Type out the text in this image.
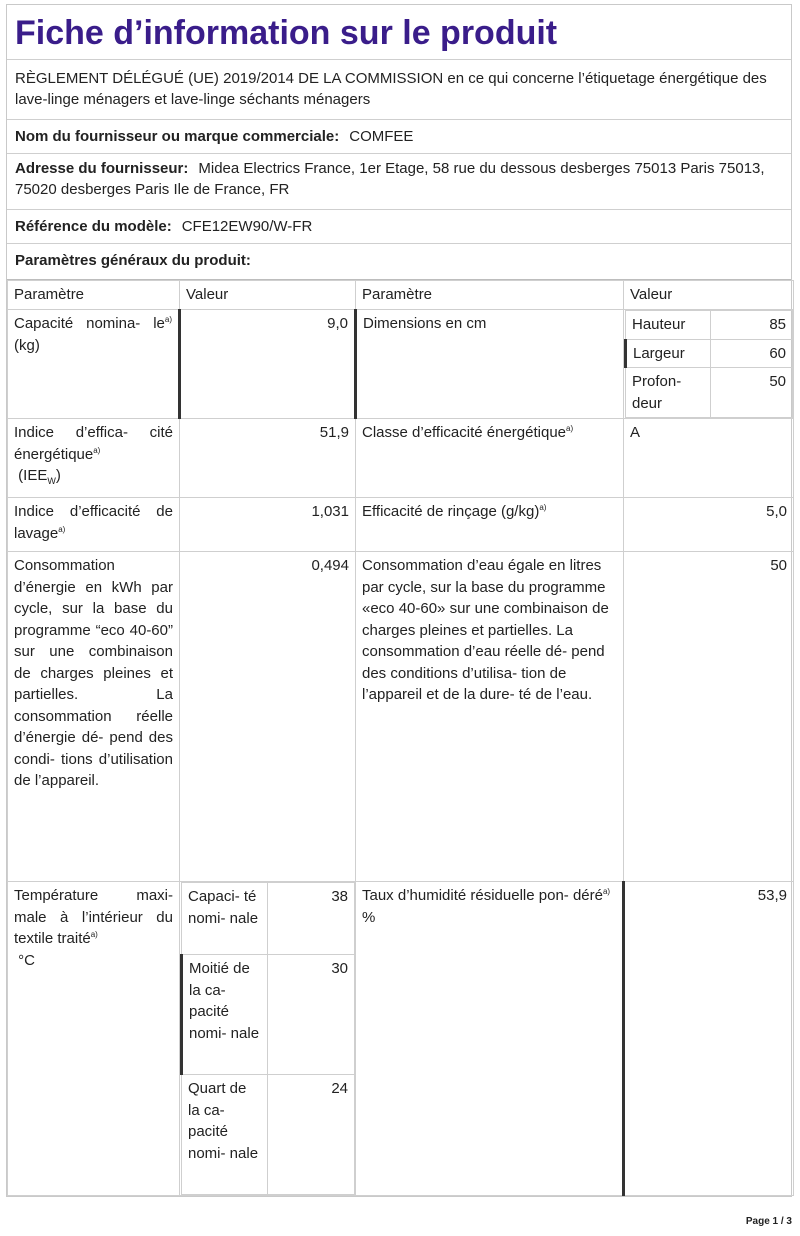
Fiche d’information sur le produit
RÈGLEMENT DÉLÉGUÉ (UE) 2019/2014 DE LA COMMISSION en ce qui concerne l’étiquetage énergétique des lave-linge ménagers et lave-linge séchants ménagers
Nom du fournisseur ou marque commerciale: COMFEE
Adresse du fournisseur: Midea Electrics France, 1er Etage, 58 rue du dessous desberges 75013 Paris 75013, 75020 desberges Paris Ile de France, FR
Référence du modèle: CFE12EW90/W-FR
Paramètres généraux du produit:
Paramètre	Valeur	Paramètre	Valeur
Capacité nomina- $le^{a)}$ (kg)	9,0	Dimensions en cm		Hauteur	85
Largeur	60
Profon- deur	50

Indice d’effica- cité énergétique$^{a)}$
$(IEE_W)$	51,9	Classe d’efficacité énergétique$^{a)}$	A
Indice d’efficacité de lavage$^{a)}$	1,031	Efficacité de rinçage $(g/kg)^{a)}$	5,0
Consommation d’énergie en kWh par cycle, sur la base du programme “eco 40-60” sur une combinaison de charges pleines et partielles. La consommation réelle d’énergie dé- pend des condi- tions d’utilisation de l’appareil.	0,494	Consommation d’eau égale en litres par cycle, sur la base du programme «eco 40-60» sur une combinaison de charges pleines et partielles. La consommation d’eau réelle dé- pend des conditions d’utilisa- tion de l’appareil et de la dure- té de l’eau.	50
Température maxi- male à l’intérieur du textile traité$^{a)}$
°C	
Capaci- té nomi- nale	38
Moitié de la ca- pacité nomi- nale	30
Quart de la ca- pacité nomi- nale	24
	Taux d’humidité résiduelle pon- déré$^{a)}$ %	53,9
Page 1 / 3
